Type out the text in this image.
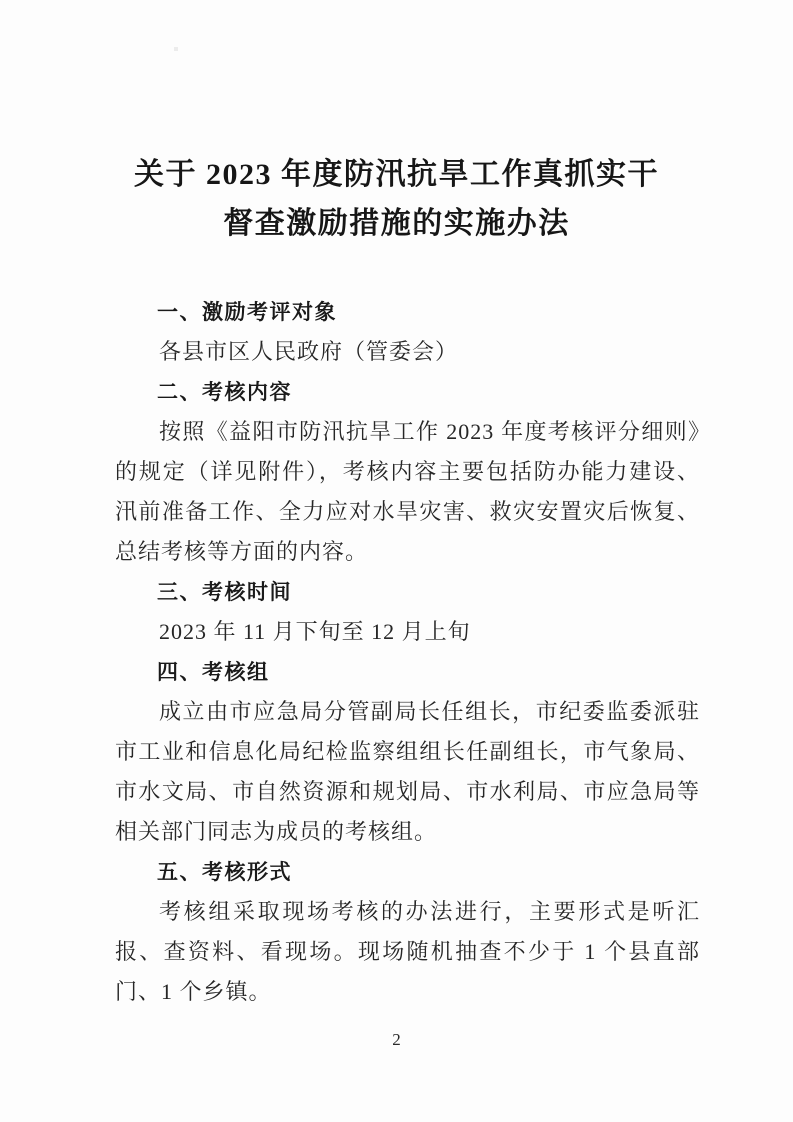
关于 2023 年度防汛抗旱工作真抓实干
督查激励措施的实施办法
一、激励考评对象

各县市区人民政府（管委会）

二、考核内容

按照《益阳市防汛抗旱工作 2023 年度考核评分细则》的规定（详见附件），考核内容主要包括防办能力建设、汛前准备工作、全力应对水旱灾害、救灾安置灾后恢复、总结考核等方面的内容。

三、考核时间

2023 年 11 月下旬至 12 月上旬

四、考核组

成立由市应急局分管副局长任组长，市纪委监委派驻市工业和信息化局纪检监察组组长任副组长，市气象局、市水文局、市自然资源和规划局、市水利局、市应急局等相关部门同志为成员的考核组。

五、考核形式

考核组采取现场考核的办法进行，主要形式是听汇报、查资料、看现场。现场随机抽查不少于 1 个县直部门、1 个乡镇。

2
